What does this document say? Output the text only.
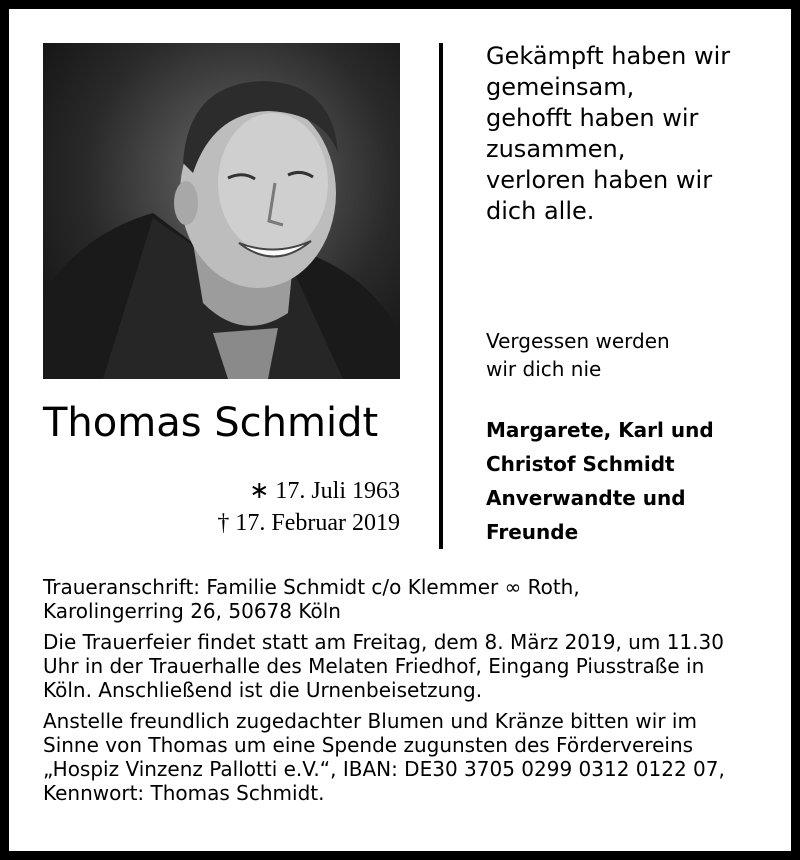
Gekämpft haben wir
gemeinsam,
gehofft haben wir
zusammen,
verloren haben wir
dich alle.
Vergessen werden
wir dich nie
Thomas Schmidt
∗ 17. Juli 1963
† 17. Februar 2019
Margarete, Karl und
Christof Schmidt
Anverwandte und
Freunde
Traueranschrift: Familie Schmidt c/o Klemmer ∞ Roth,
Karolingerring 26, 50678 Köln
Die Trauerfeier findet statt am Freitag, dem 8. März 2019, um 11.30
Uhr in der Trauerhalle des Melaten Friedhof, Eingang Piusstraße in
Köln. Anschließend ist die Urnenbeisetzung.
Anstelle freundlich zugedachter Blumen und Kränze bitten wir im
Sinne von Thomas um eine Spende zugunsten des Fördervereins
„Hospiz Vinzenz Pallotti e.V.“, IBAN: DE30 3705 0299 0312 0122 07,
Kennwort: Thomas Schmidt.
